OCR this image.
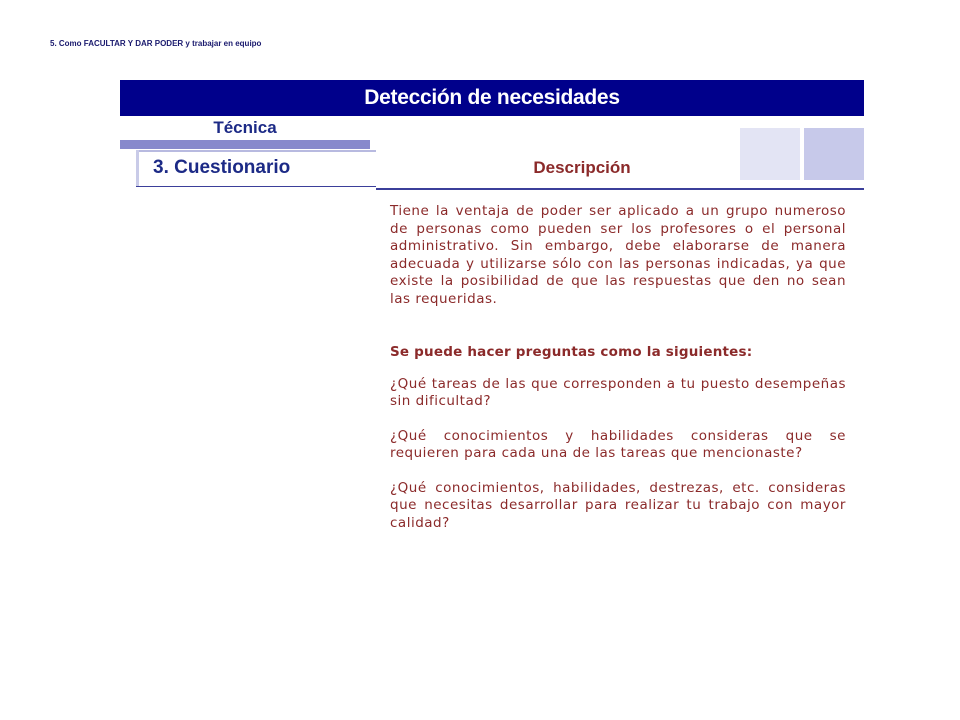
5. Como FACULTAR Y DAR PODER y trabajar en equipo
Detección de necesidades
Técnica
3. Cuestionario	Descripción

Tiene la ventaja de poder ser aplicado a un grupo numeroso de personas como pueden ser los profesores o el personal administrativo. Sin embargo, debe elaborarse de manera adecuada y utilizarse sólo con las personas indicadas, ya que existe la posibilidad de que las respuestas que den no sean las requeridas.

Se puede hacer preguntas como la siguientes:

¿Qué tareas de las que corresponden a tu puesto desempeñas sin dificultad?

¿Qué conocimientos y habilidades consideras que se requieren para cada una de las tareas que mencionaste?

¿Qué conocimientos, habilidades, destrezas, etc. consideras que necesitas desarrollar para realizar tu trabajo con mayor calidad?
